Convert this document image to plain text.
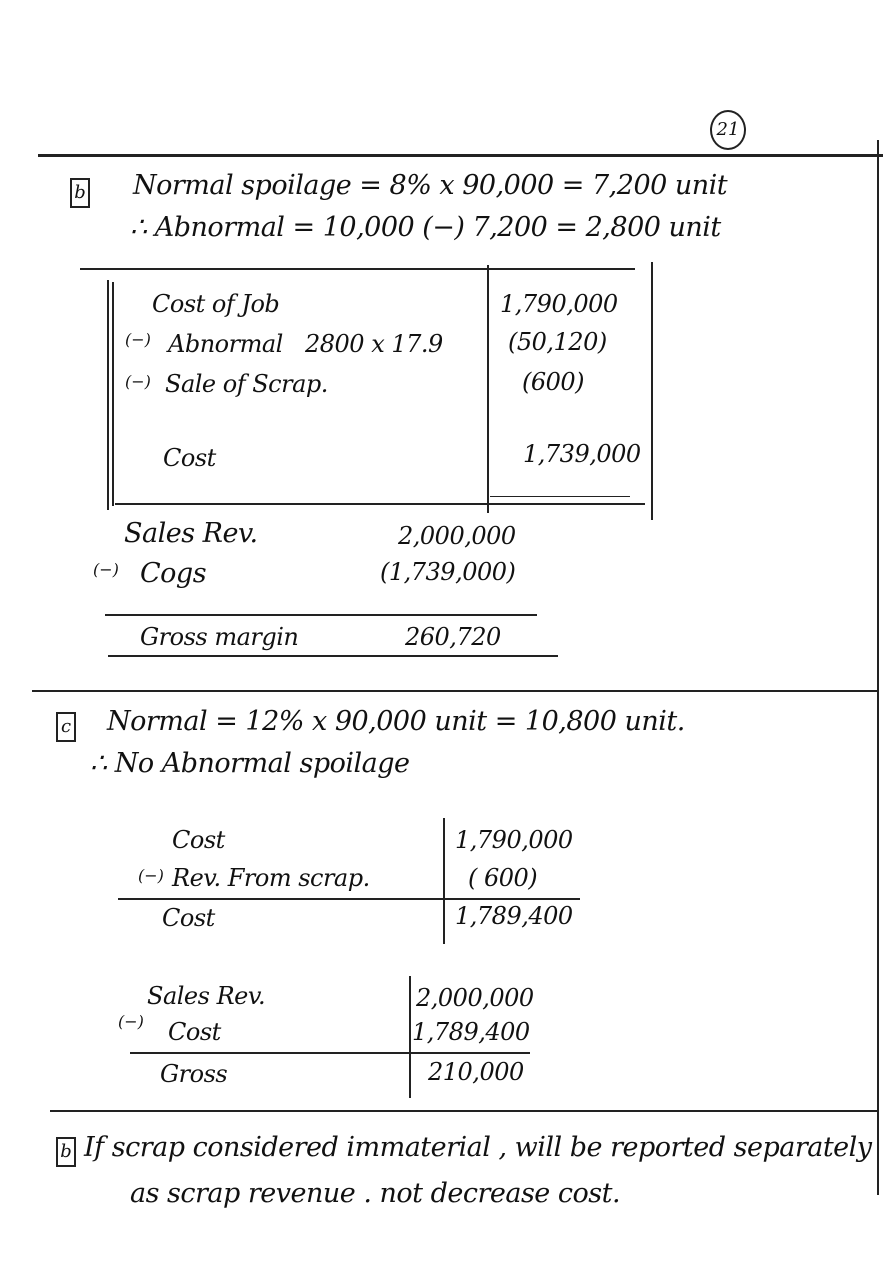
21
b Normal spoilage = 8% x 90,000 = 7,200 unit
∴ Abnormal = 10,000 (−) 7,200 = 2,800 unit
Cost of Job	1,790,000
(−) Abnormal 2800 x 17.9	(50,120)
(−) Sale of Scrap.	(600)
Cost	1,739,000
Sales Rev.	2,000,000
(−) Cogs	(1,739,000)
Gross margin	260,720
c Normal = 12% x 90,000 unit = 10,800 unit.
∴ No Abnormal spoilage
Cost	1,790,000
(−) Rev. From scrap.	( 600)
Cost	1,789,400
Sales Rev.	2,000,000
(−) Cost	1,789,400
Gross	210,000
b If scrap considered immaterial , will be reported separately
as scrap revenue . not decrease cost.
